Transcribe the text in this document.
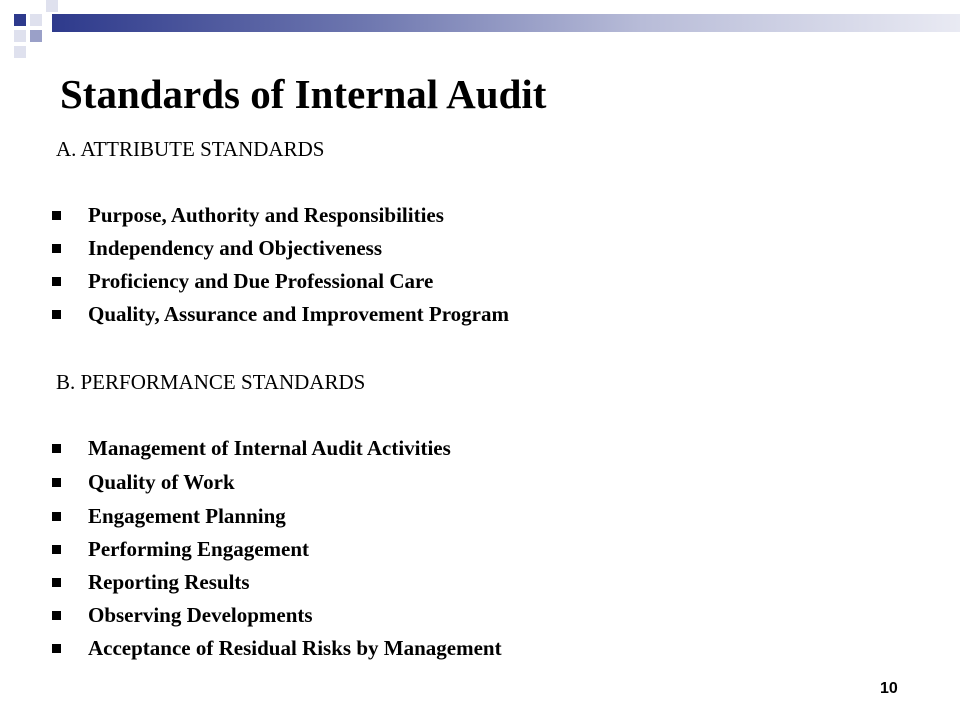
Standards of Internal Audit
A. ATTRIBUTE STANDARDS
Purpose, Authority and Responsibilities
Independency and Objectiveness
Proficiency and Due Professional Care
Quality, Assurance and Improvement Program
B. PERFORMANCE STANDARDS
Management of Internal Audit Activities
Quality of Work
Engagement Planning
Performing Engagement
Reporting Results
Observing Developments
Acceptance of Residual Risks by Management
10
